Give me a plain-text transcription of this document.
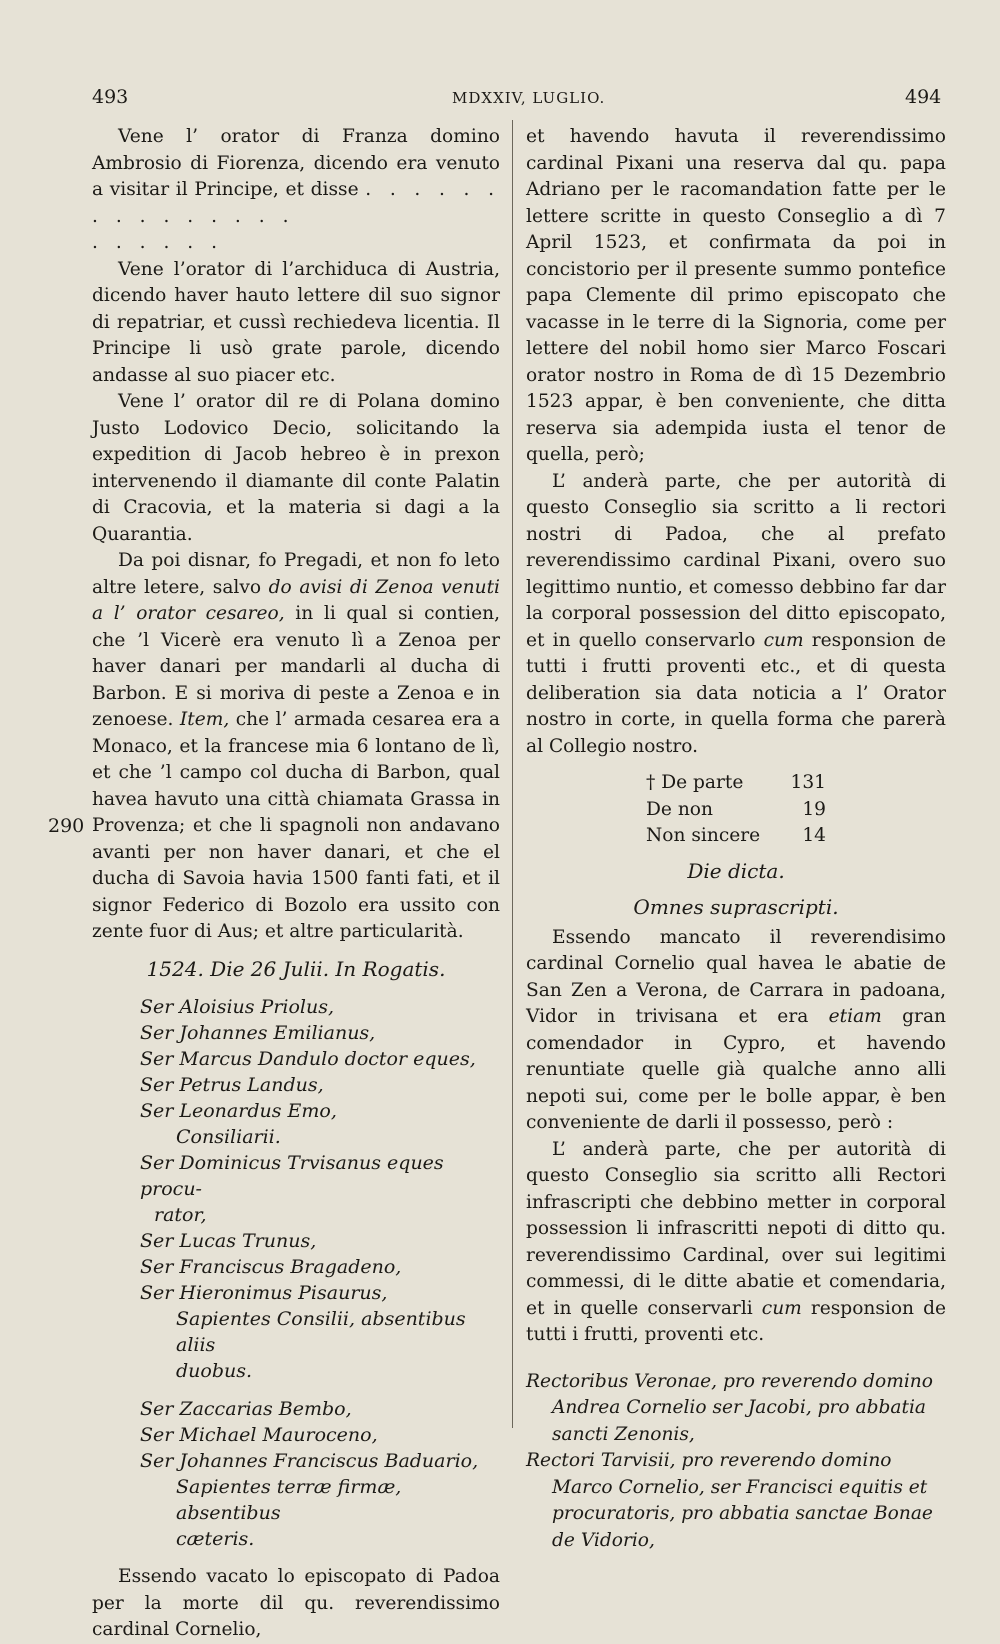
493	MDXXIV, LUGLIO.	494
290

Vene l’ orator di Franza domino Ambrosio di Fiorenza, dicendo era venuto a visitar il Principe, et disse . . . . . . . . . . . . . . .

. . . . . .

Vene l’orator di l’archiduca di Austria, dicendo haver hauto lettere dil suo signor di repatriar, et cussì rechiedeva licentia. Il Principe li usò grate parole, dicendo andasse al suo piacer etc.

Vene l’ orator dil re di Polana domino Justo Lodovico Decio, solicitando la expedition di Jacob hebreo è in prexon intervenendo il diamante dil conte Palatin di Cracovia, et la materia si dagi a la Quarantia.

Da poi disnar, fo Pregadi, et non fo leto altre letere, salvo do avisi di Zenoa venuti a l’ orator cesareo, in li qual si contien, che ’l Vicerè era venuto lì a Zenoa per haver danari per mandarli al ducha di Barbon. E si moriva di peste a Zenoa e in zenoese. Item, che l’ armada cesarea era a Monaco, et la francese mia 6 lontano de lì, et che ’l campo col ducha di Barbon, qual havea havuto una città chiamata Grassa in Provenza; et che li spagnoli non andavano avanti per non haver danari, et che el ducha di Savoia havia 1500 fanti fati, et il signor Federico di Bozolo era ussito con zente fuor di Aus; et altre particularità.

1524. Die 26 Julii. In Rogatis.
Ser Aloisius Priolus,
Ser Johannes Emilianus,
Ser Marcus Dandulo doctor eques,
Ser Petrus Landus,
Ser Leonardus Emo,
Consiliarii.
Ser Dominicus Trvisanus eques procu-
rator,
Ser Lucas Trunus,
Ser Franciscus Bragadeno,
Ser Hieronimus Pisaurus,
Sapientes Consilii, absentibus aliis
duobus.
Ser Zaccarias Bembo,
Ser Michael Mauroceno,
Ser Johannes Franciscus Baduario,
Sapientes terræ firmæ, absentibus
cæteris.

Essendo vacato lo episcopato di Padoa per la morte dil qu. reverendissimo cardinal Cornelio,

et havendo havuta il reverendissimo cardinal Pixani una reserva dal qu. papa Adriano per le racomandation fatte per le lettere scritte in questo Conseglio a dì 7 April 1523, et confirmata da poi in concistorio per il presente summo pontefice papa Clemente dil primo episcopato che vacasse in le terre di la Signoria, come per lettere del nobil homo sier Marco Foscari orator nostro in Roma de dì 15 Dezembrio 1523 appar, è ben conveniente, che ditta reserva sia adempida iusta el tenor de quella, però;

L’ anderà parte, che per autorità di questo Conseglio sia scritto a li rectori nostri di Padoa, che al prefato reverendissimo cardinal Pixani, overo suo legittimo nuntio, et comesso debbino far dar la corporal possession del ditto episcopato, et in quello conservarlo cum responsion de tutti i frutti proventi etc., et di questa deliberation sia data noticia a l’ Orator nostro in corte, in quella forma che parerà al Collegio nostro.

† De parte	131
De non	19
Non sincere 14
Die dicta.
Omnes suprascripti.

Essendo mancato il reverendisimo cardinal Cornelio qual havea le abatie de San Zen a Verona, de Carrara in padoana, Vidor in trivisana et era etiam gran comendador in Cypro, et havendo renuntiate quelle già qualche anno alli nepoti sui, come per le bolle appar, è ben conveniente de darli il possesso, però :

L’ anderà parte, che per autorità di questo Conseglio sia scritto alli Rectori infrascripti che debbino metter in corporal possession li infrascritti nepoti di ditto qu. reverendissimo Cardinal, over sui legitimi commessi, di le ditte abatie et comendaria, et in quelle conservarli cum responsion de tutti i frutti, proventi etc.

Rectoribus Veronae, pro reverendo domino Andrea Cornelio ser Jacobi, pro abbatia sancti Zenonis,

Rectori Tarvisii, pro reverendo domino Marco Cornelio, ser Francisci equitis et procuratoris, pro abbatia sanctae Bonae de Vidorio,
